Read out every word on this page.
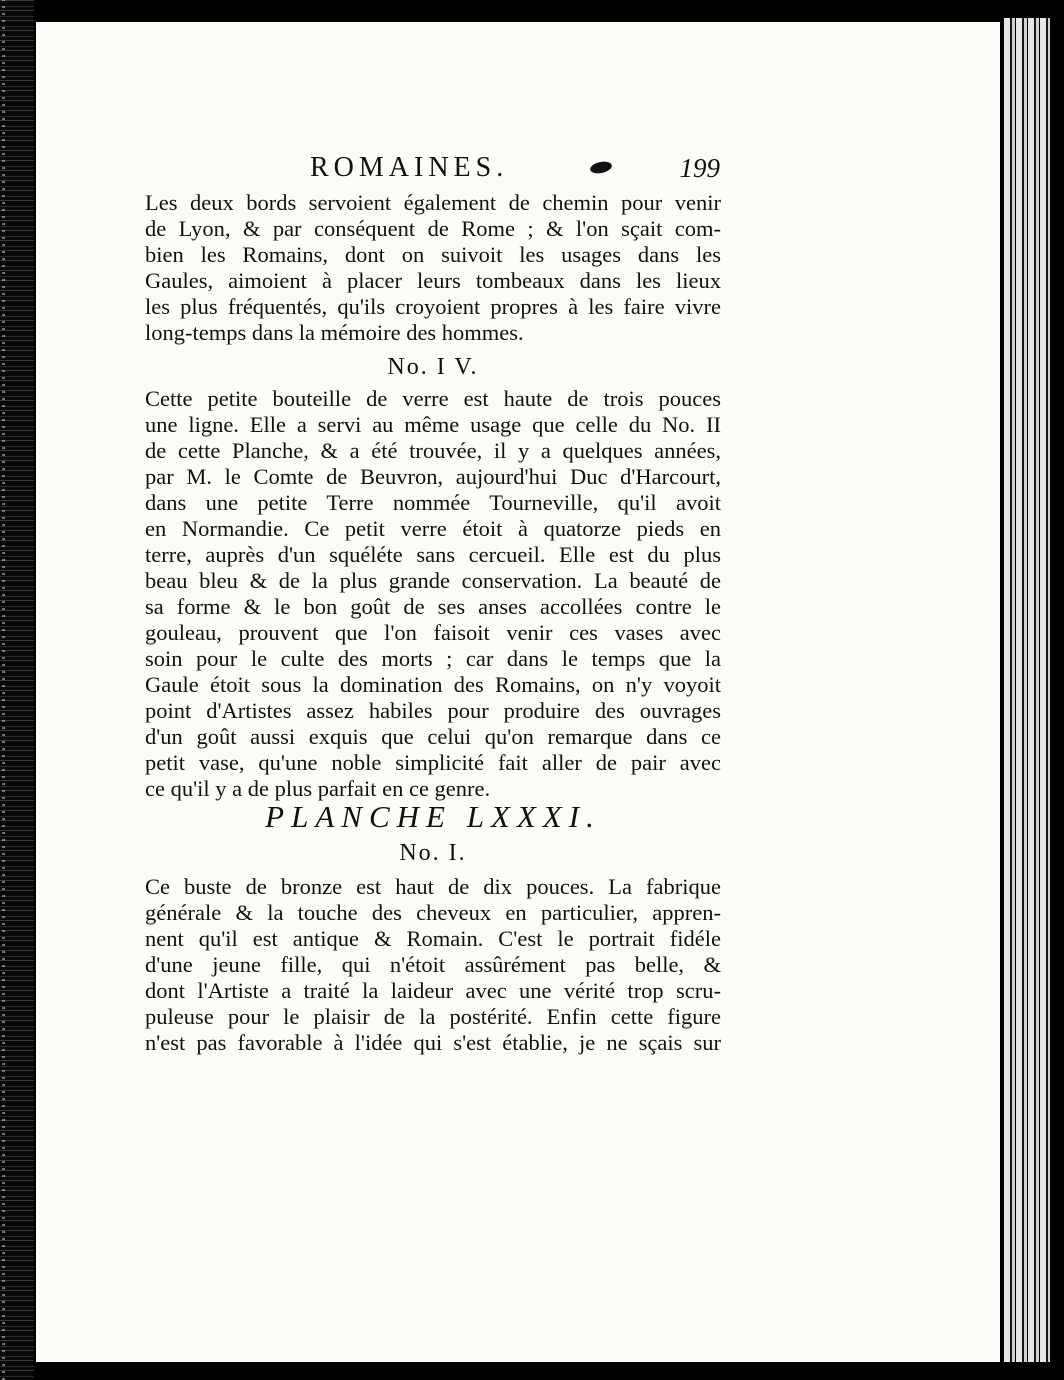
ROMAINES.	199
Les deux bords servoient également de chemin pour venir
de Lyon, & par conséquent de Rome ; & l'on sçait com-
bien les Romains, dont on suivoit les usages dans les
Gaules, aimoient à placer leurs tombeaux dans les lieux
les plus fréquentés, qu'ils croyoient propres à les faire vivre
long-temps dans la mémoire des hommes.
No. I V.
Cette petite bouteille de verre est haute de trois pouces
une ligne. Elle a servi au même usage que celle du No. II
de cette Planche, & a été trouvée, il y a quelques années,
par M. le Comte de Beuvron, aujourd'hui Duc d'Harcourt,
dans une petite Terre nommée Tourneville, qu'il avoit
en Normandie. Ce petit verre étoit à quatorze pieds en
terre, auprès d'un squéléte sans cercueil. Elle est du plus
beau bleu & de la plus grande conservation. La beauté de
sa forme & le bon goût de ses anses accollées contre le
gouleau, prouvent que l'on faisoit venir ces vases avec
soin pour le culte des morts ; car dans le temps que la
Gaule étoit sous la domination des Romains, on n'y voyoit
point d'Artistes assez habiles pour produire des ouvrages
d'un goût aussi exquis que celui qu'on remarque dans ce
petit vase, qu'une noble simplicité fait aller de pair avec
ce qu'il y a de plus parfait en ce genre.
PLANCHE LXXXI.
No. I.
Ce buste de bronze est haut de dix pouces. La fabrique
générale & la touche des cheveux en particulier, appren-
nent qu'il est antique & Romain. C'est le portrait fidéle
d'une jeune fille, qui n'étoit assûrément pas belle, &
dont l'Artiste a traité la laideur avec une vérité trop scru-
puleuse pour le plaisir de la postérité. Enfin cette figure
n'est pas favorable à l'idée qui s'est établie, je ne sçais sur
